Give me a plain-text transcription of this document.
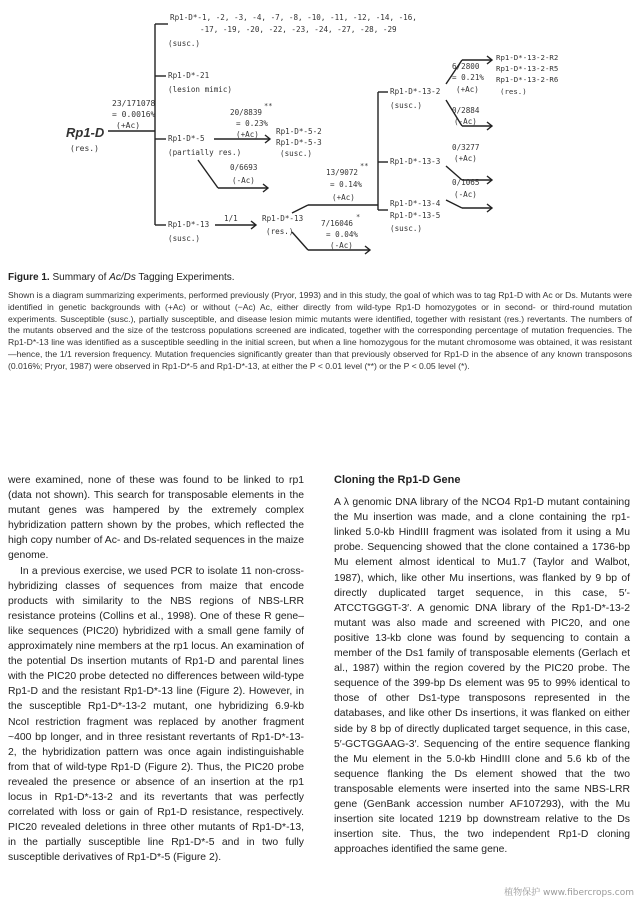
Rp1-D
(res.)
23/171078
= 0.0016%
(+Ac)
Rp1-D*-1, -2, -3, -4, -7, -8, -10, -11, -12, -14, -16,
-17, -19, -20, -22, -23, -24, -27, -28, -29
(susc.)
Rp1-D*-21
(lesion mimic)
Rp1-D*-5
(partially res.)
20/8839
**
= 0.23%
(+Ac) Rp1-D*-5-2
Rp1-D*-5-3
(susc.)
0/6693
(-Ac)
Rp1-D*-13
(susc.)
1/1	Rp1-D*-13
(res.)
13/9072
**
= 0.14%
(+Ac)
7/16046
*
= 0.04%
(-Ac)
Rp1-D*-13-2
(susc.)
6/2800
= 0.21%
(+Ac)
Rp1-D*-13-2-R2
Rp1-D*-13-2-R5
Rp1-D*-13-2-R6
(res.)
0/2884
(-Ac)
Rp1-D*-13-3
0/3277
(+Ac)
Rp1-D*-13-4
Rp1-D*-13-5
(susc.)
0/1065
(-Ac)
Figure 1. Summary of Ac/Ds Tagging Experiments.
Shown is a diagram summarizing experiments, performed previously (Pryor, 1993) and in this study, the goal of which was to tag Rp1-D with Ac or Ds. Mutants were identified in genetic backgrounds with (+Ac) or without (−Ac) Ac, either directly from wild-type Rp1-D homozygotes or in second- or third-round mutation experiments. Susceptible (susc.), partially susceptible, and disease lesion mimic mutants were identified, together with resistant (res.) revertants. The numbers of the mutants observed and the size of the testcross populations screened are indicated, together with the corresponding percentage of mutation frequencies. The Rp1-D*-13 line was identified as a susceptible seedling in the initial screen, but when a line homozygous for the mutant chromosome was obtained, it was resistant—hence, the 1/1 reversion frequency. Mutation frequencies significantly greater than that previously observed for Rp1-D in the absence of any known transposons (0.016%; Pryor, 1987) were observed in Rp1-D*-5 and Rp1-D*-13, at either the P < 0.01 level (**) or the P < 0.05 level (*).

were examined, none of these was found to be linked to rp1 (data not shown). This search for transposable elements in the mutant genes was hampered by the extremely complex hybridization pattern shown by the probes, which reflected the high copy number of Ac- and Ds-related sequences in the maize genome.

In a previous exercise, we used PCR to isolate 11 non-cross-hybridizing classes of sequences from maize that encode products with similarity to the NBS regions of NBS-LRR resistance proteins (Collins et al., 1998). One of these R gene–like sequences (PIC20) hybridized with a small gene family of approximately nine members at the rp1 locus. An examination of the potential Ds insertion mutants of Rp1-D and parental lines with the PIC20 probe detected no differences between wild-type Rp1-D and the resistant Rp1-D*-13 line (Figure 2). However, in the susceptible Rp1-D*-13-2 mutant, one hybridizing 6.9-kb NcoI restriction fragment was replaced by another fragment ~400 bp longer, and in three resistant revertants of Rp1-D*-13-2, the hybridization pattern was once again indistinguishable from that of wild-type Rp1-D (Figure 2). Thus, the PIC20 probe revealed the presence or absence of an insertion at the rp1 locus in Rp1-D*-13-2 and its revertants that was perfectly correlated with loss or gain of Rp1-D resistance, respectively. PIC20 revealed deletions in three other mutants of Rp1-D*-13, in the partially susceptible line Rp1-D*-5 and in two fully susceptible derivatives of Rp1-D*-5 (Figure 2).

Cloning the Rp1-D Gene

A λ genomic DNA library of the NCO4 Rp1-D mutant containing the Mu insertion was made, and a clone containing the rp1-linked 5.0-kb HindIII fragment was isolated from it using a Mu probe. Sequencing showed that the clone contained a 1736-bp Mu element almost identical to Mu1.7 (Taylor and Walbot, 1987), which, like other Mu insertions, was flanked by 9 bp of directly duplicated target sequence, in this case, 5′-ATCCTGGGT-3′. A genomic DNA library of the Rp1-D*-13-2 mutant was also made and screened with PIC20, and one positive 13-kb clone was found by sequencing to contain a member of the Ds1 family of transposable elements (Gerlach et al., 1987) within the region covered by the PIC20 probe. The sequence of the 399-bp Ds element was 95 to 99% identical to those of other Ds1-type transposons represented in the databases, and like other Ds insertions, it was flanked on either side by 8 bp of directly duplicated target sequence, in this case, 5′-GCTGGAAG-3′. Sequencing of the entire sequence flanking the Mu element in the 5.0-kb HindIII clone and 5.6 kb of the sequence flanking the Ds element showed that the two transposable elements were inserted into the same NBS-LRR gene (GenBank accession number AF107293), with the Mu insertion site located 1219 bp downstream relative to the Ds insertion site. Thus, the two independent Rp1-D cloning approaches identified the same gene.

植物保护 www.fibercrops.com
